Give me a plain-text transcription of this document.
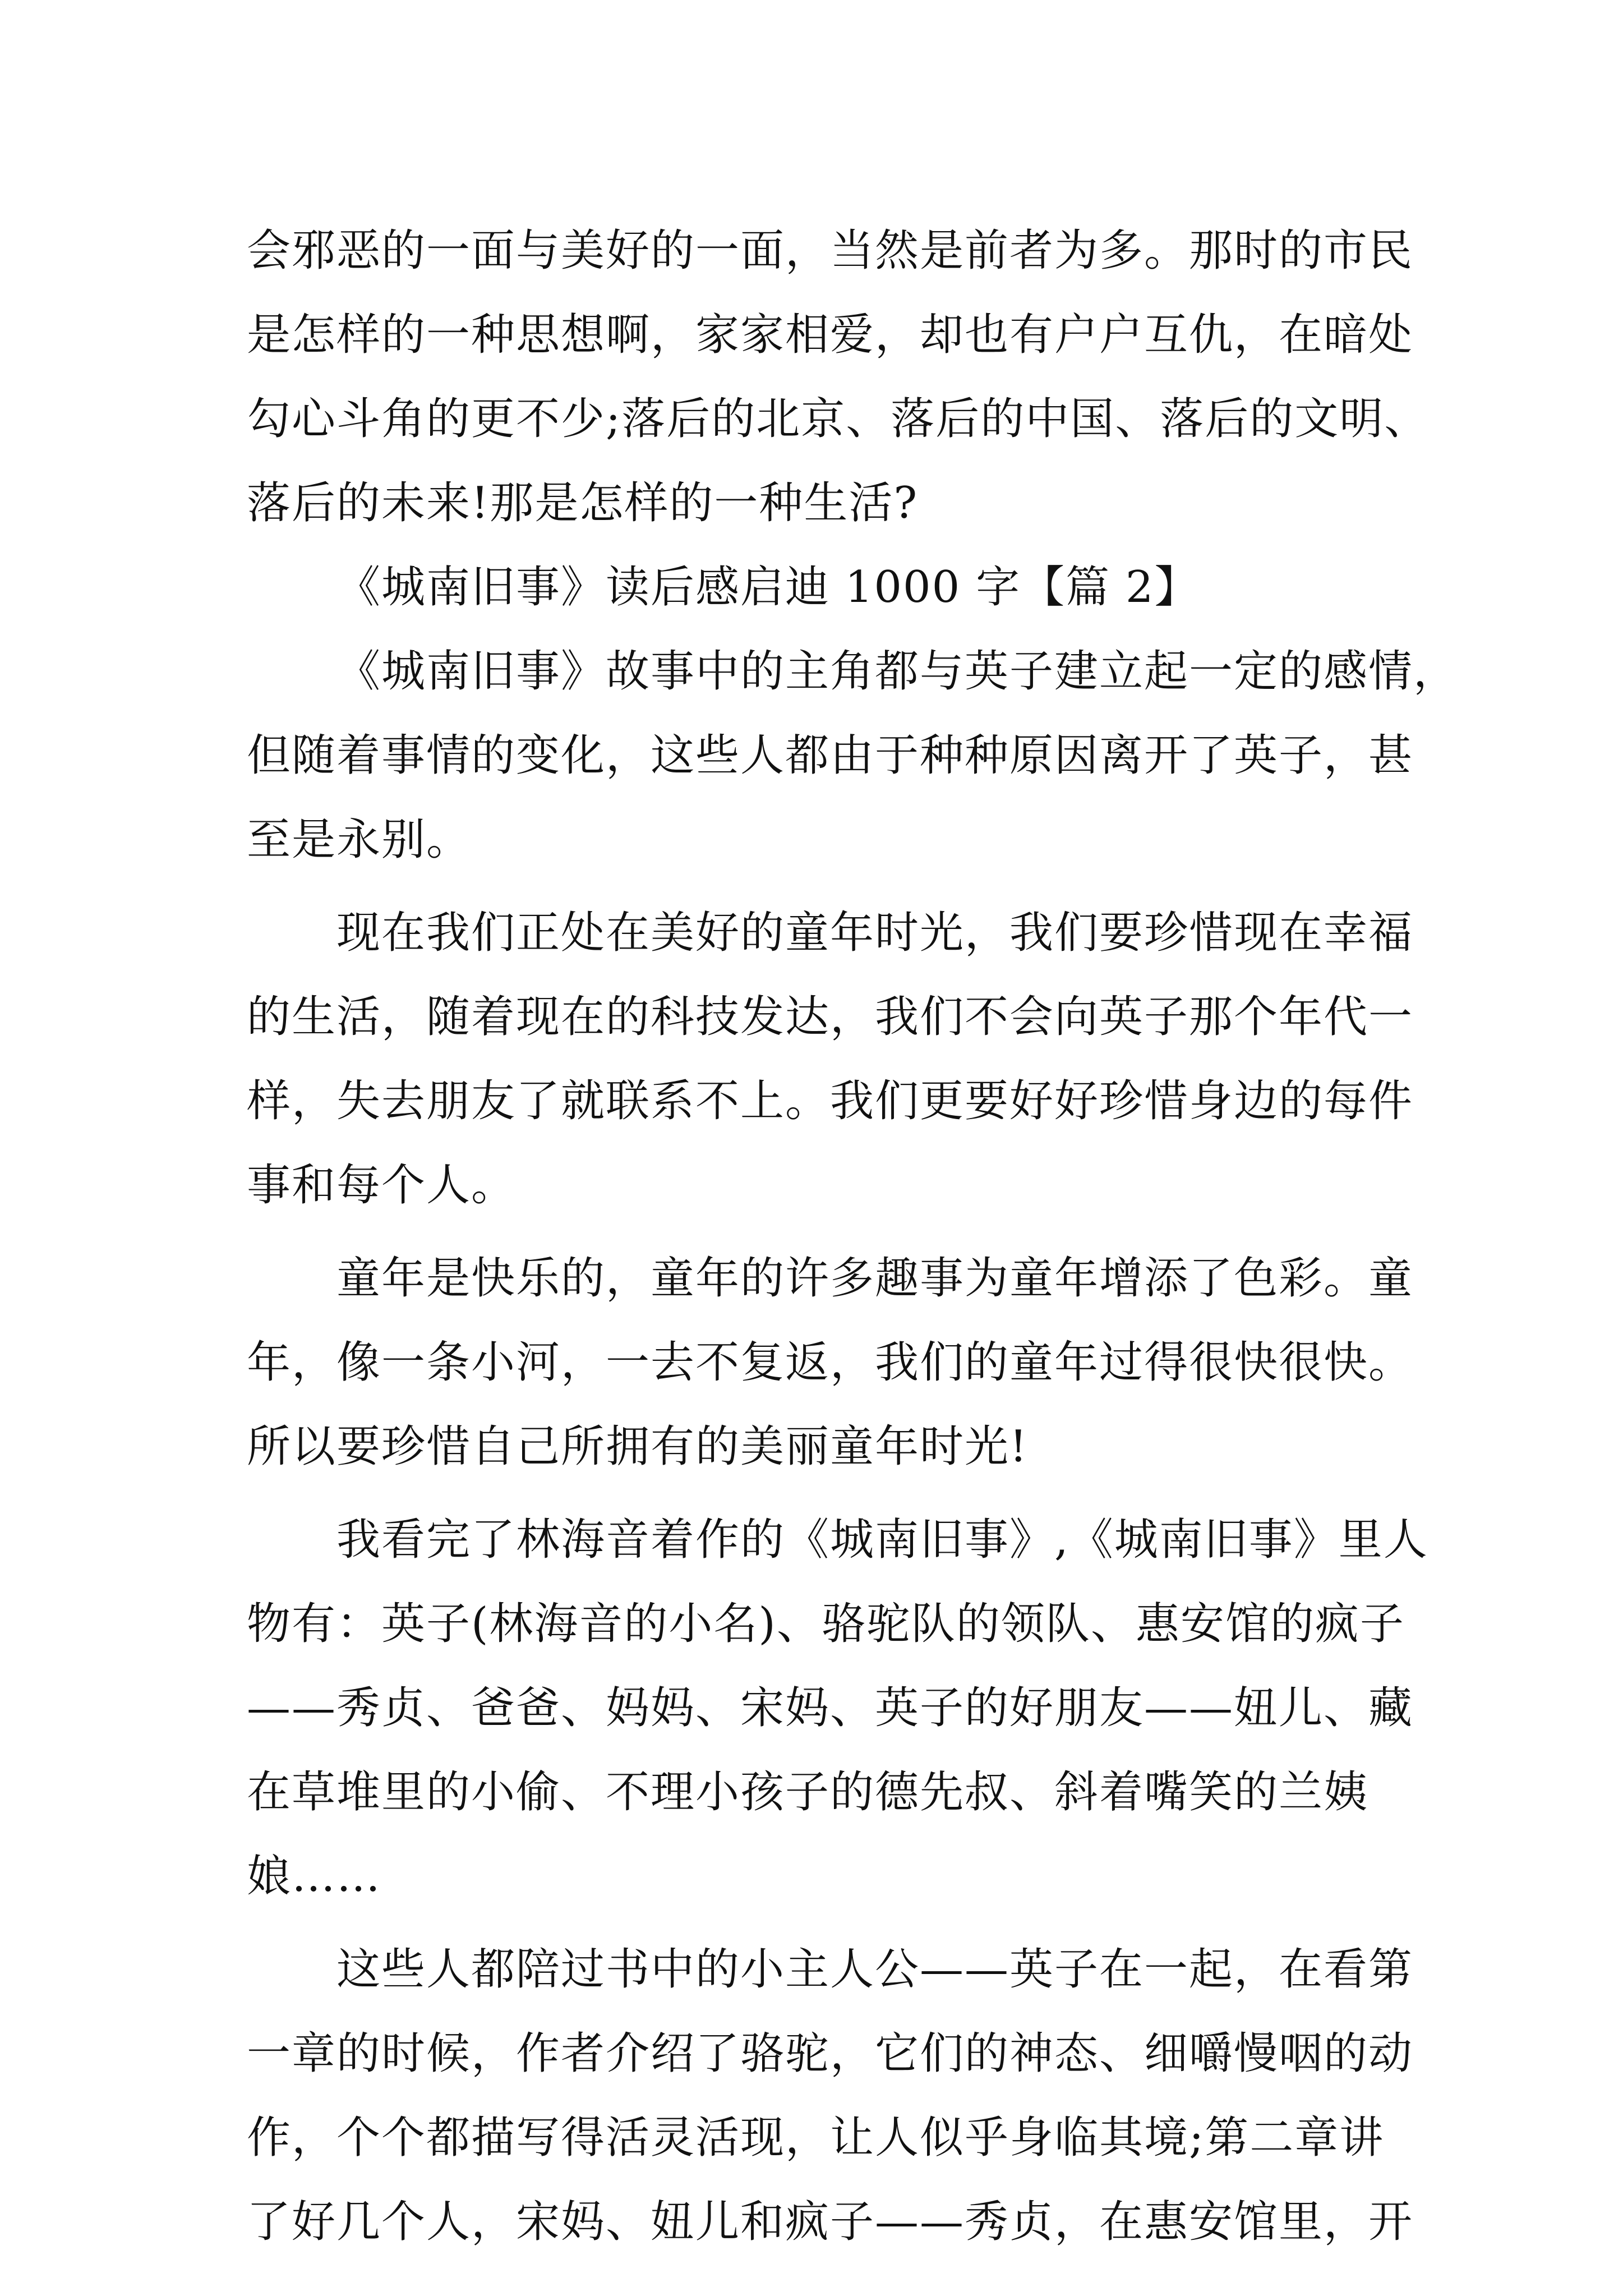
会邪恶的一面与美好的一面，当然是前者为多。那时的市民
是怎样的一种思想啊，家家相爱，却也有户户互仇，在暗处
勾心斗角的更不少;落后的北京、落后的中国、落后的文明、
落后的未来!那是怎样的一种生活?
《城南旧事》读后感启迪 1000 字【篇 2】
《城南旧事》故事中的主角都与英子建立起一定的感情，
但随着事情的变化，这些人都由于种种原因离开了英子，甚
至是永别。
现在我们正处在美好的童年时光，我们要珍惜现在幸福
的生活，随着现在的科技发达，我们不会向英子那个年代一
样，失去朋友了就联系不上。我们更要好好珍惜身边的每件
事和每个人。
童年是快乐的，童年的许多趣事为童年增添了色彩。童
年，像一条小河，一去不复返，我们的童年过得很快很快。
所以要珍惜自己所拥有的美丽童年时光!
我看完了林海音着作的《城南旧事》,《城南旧事》里人
物有：英子(林海音的小名)、骆驼队的领队、惠安馆的疯子
——秀贞、爸爸、妈妈、宋妈、英子的好朋友——妞儿、藏
在草堆里的小偷、不理小孩子的德先叔、斜着嘴笑的兰姨
娘……
这些人都陪过书中的小主人公——英子在一起，在看第
一章的时候，作者介绍了骆驼，它们的神态、细嚼慢咽的动
作，个个都描写得活灵活现，让人似乎身临其境;第二章讲
了好几个人，宋妈、妞儿和疯子——秀贞，在惠安馆里，开
